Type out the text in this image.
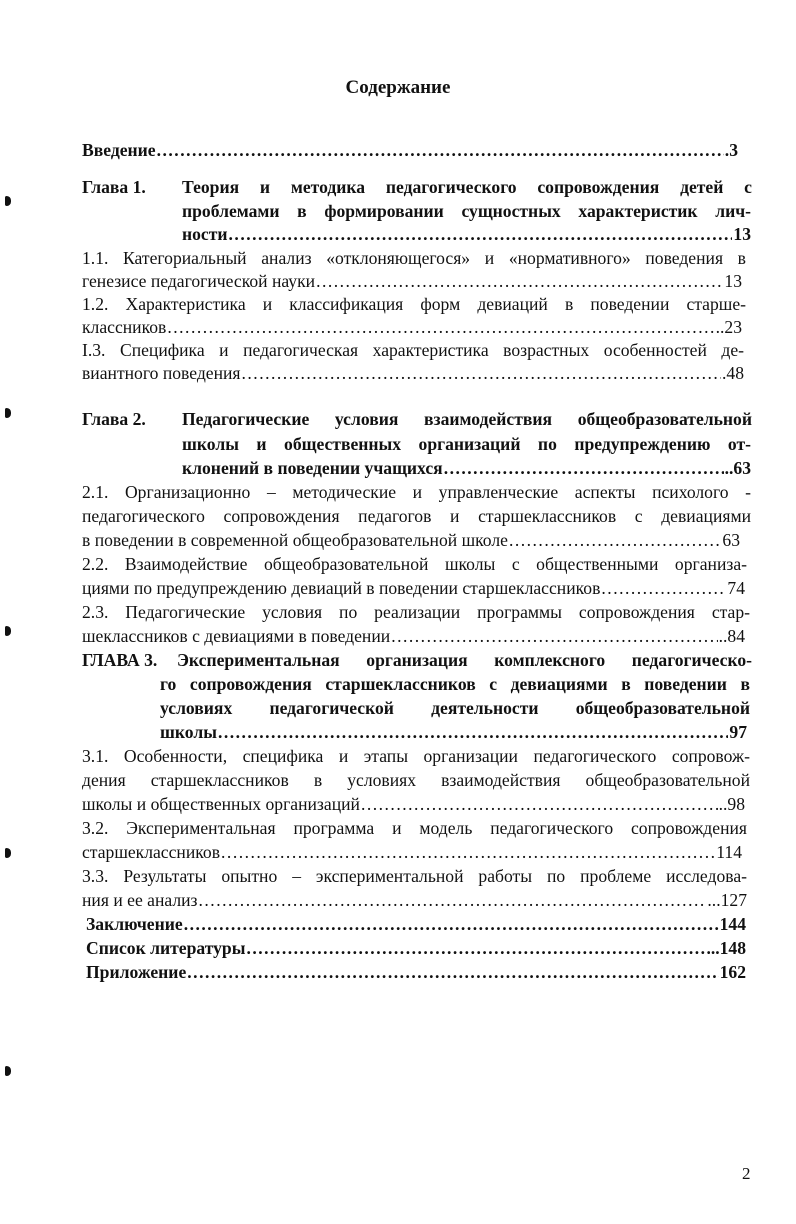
Содержание
Введение .....	.3
Глава 1.	Теория и методика педагогического сопровождения детей с
проблемами в формировании сущностных характеристик лич-
ности .....	13
1.1. Категориальный анализ «отклоняющегося» и «нормативного» поведения в
генезисе педагогической науки .....	13
1.2. Характеристика и классификация форм девиаций в поведении старше-
классников .....	..23
I.3. Специфика и педагогическая характеристика возрастных особенностей де-
виантного поведения .....	.48
Глава 2.	Педагогические условия взаимодействия общеобразовательной
школы и общественных организаций по предупреждению от-
клонений в поведении учащихся .....	..63
2.1. Организационно – методические и управленческие аспекты психолого -
педагогического сопровождения педагогов и старшеклассников с девиациями
в поведении в современной общеобразовательной школе .....	63
2.2. Взаимодействие общеобразовательной школы с общественными организа-
циями по предупреждению девиаций в поведении старшеклассников .....	74
2.3. Педагогические условия по реализации программы сопровождения стар-
шеклассников с девиациями в поведении .....	..84
ГЛАВА 3.	Экспериментальная организация комплексного педагогическо-
го сопровождения старшеклассников с девиациями в поведении в
условиях педагогической деятельности общеобразовательной
школы .....	97
3.1. Особенности, специфика и этапы организации педагогического сопровож-
дения старшеклассников в условиях взаимодействия общеобразовательной
школы и общественных организаций .....	..98
3.2. Экспериментальная программа и модель педагогического сопровождения
старшеклассников .....	114
3.3. Результаты опытно – экспериментальной работы по проблеме исследова-
ния и ее анализ .....	...127
Заключение .....	144
Список литературы .....	..148
Приложение .....	162
2
